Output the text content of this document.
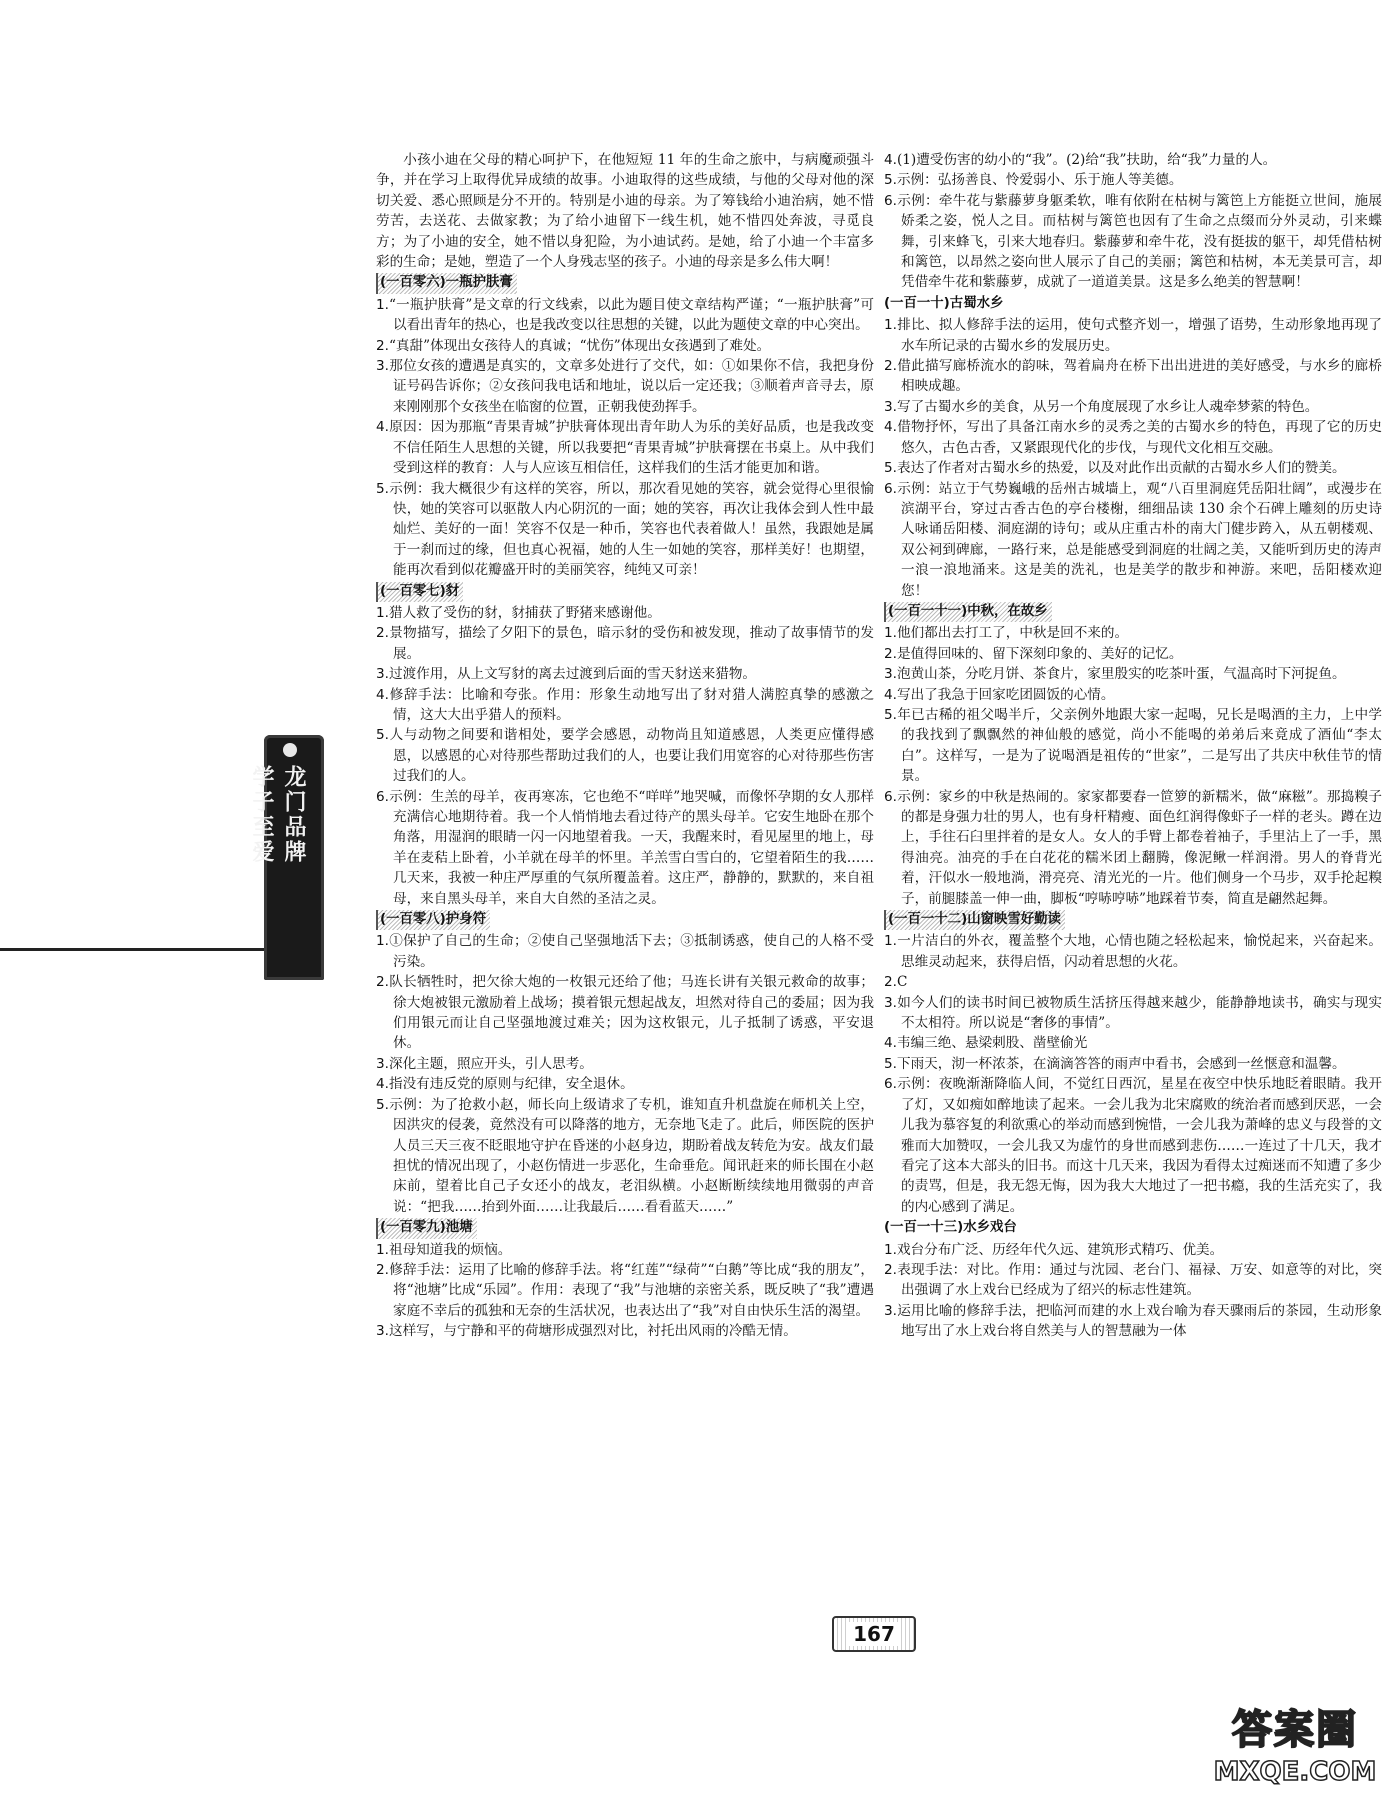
龙门品牌
学子至爱

小孩小迪在父母的精心呵护下，在他短短 11 年的生命之旅中，与病魔顽强斗争，并在学习上取得优异成绩的故事。小迪取得的这些成绩，与他的父母对他的深切关爱、悉心照顾是分不开的。特别是小迪的母亲。为了筹钱给小迪治病，她不惜劳苦，去送花、去做家教；为了给小迪留下一线生机，她不惜四处奔波，寻觅良方；为了小迪的安全，她不惜以身犯险，为小迪试药。是她，给了小迪一个丰富多彩的生命；是她，塑造了一个人身残志坚的孩子。小迪的母亲是多么伟大啊！

(一百零六)一瓶护肤膏

1.“一瓶护肤膏”是文章的行文线索，以此为题目使文章结构严谨；“一瓶护肤膏”可以看出青年的热心，也是我改变以往思想的关键，以此为题使文章的中心突出。

2.“真甜”体现出女孩待人的真诚；“忧伤”体现出女孩遇到了难处。

3.那位女孩的遭遇是真实的，文章多处进行了交代，如：①如果你不信，我把身份证号码告诉你；②女孩问我电话和地址，说以后一定还我；③顺着声音寻去，原来刚刚那个女孩坐在临窗的位置，正朝我使劲挥手。

4.原因：因为那瓶“青果青城”护肤膏体现出青年助人为乐的美好品质，也是我改变不信任陌生人思想的关键，所以我要把“青果青城”护肤膏摆在书桌上。从中我们受到这样的教育：人与人应该互相信任，这样我们的生活才能更加和谐。

5.示例：我大概很少有这样的笑容，所以，那次看见她的笑容，就会觉得心里很愉快，她的笑容可以驱散人内心阴沉的一面；她的笑容，再次让我体会到人性中最灿烂、美好的一面！笑容不仅是一种币，笑容也代表着做人！虽然，我跟她是属于一刹而过的缘，但也真心祝福，她的人生一如她的笑容，那样美好！也期望，能再次看到似花瓣盛开时的美丽笑容，纯纯又可亲！

(一百零七)豺

1.猎人救了受伤的豺，豺捕获了野猪来感谢他。

2.景物描写，描绘了夕阳下的景色，暗示豺的受伤和被发现，推动了故事情节的发展。

3.过渡作用，从上文写豺的离去过渡到后面的雪天豺送来猎物。

4.修辞手法：比喻和夸张。作用：形象生动地写出了豺对猎人满腔真挚的感激之情，这大大出乎猎人的预料。

5.人与动物之间要和谐相处，要学会感恩，动物尚且知道感恩，人类更应懂得感恩，以感恩的心对待那些帮助过我们的人，也要让我们用宽容的心对待那些伤害过我们的人。

6.示例：生羔的母羊，夜再寒冻，它也绝不“咩咩”地哭喊，而像怀孕期的女人那样充满信心地期待着。我一个人悄悄地去看过待产的黑头母羊。它安生地卧在那个角落，用湿润的眼睛一闪一闪地望着我。一天，我醒来时，看见屋里的地上，母羊在麦秸上卧着，小羊就在母羊的怀里。羊羔雪白雪白的，它望着陌生的我……几天来，我被一种庄严厚重的气氛所覆盖着。这庄严，静静的，默默的，来自祖母，来自黑头母羊，来自大自然的圣洁之灵。

(一百零八)护身符

1.①保护了自己的生命；②使自己坚强地活下去；③抵制诱惑，使自己的人格不受污染。

2.队长牺牲时，把欠徐大炮的一枚银元还给了他；马连长讲有关银元救命的故事；徐大炮被银元激励着上战场；摸着银元想起战友，坦然对待自己的委屈；因为我们用银元而让自己坚强地渡过难关；因为这枚银元，儿子抵制了诱惑，平安退休。

3.深化主题，照应开头，引人思考。

4.指没有违反党的原则与纪律，安全退休。

5.示例：为了抢救小赵，师长向上级请求了专机，谁知直升机盘旋在师机关上空，因洪灾的侵袭，竟然没有可以降落的地方，无奈地飞走了。此后，师医院的医护人员三天三夜不眨眼地守护在昏迷的小赵身边，期盼着战友转危为安。战友们最担忧的情况出现了，小赵伤情进一步恶化，生命垂危。闻讯赶来的师长围在小赵床前，望着比自己子女还小的战友，老泪纵横。小赵断断续续地用微弱的声音说：“把我……抬到外面……让我最后……看看蓝天……”

(一百零九)池塘

1.祖母知道我的烦恼。

2.修辞手法：运用了比喻的修辞手法。将“红莲”“绿荷”“白鹅”等比成“我的朋友”，将“池塘”比成“乐园”。作用：表现了“我”与池塘的亲密关系，既反映了“我”遭遇家庭不幸后的孤独和无奈的生活状况，也表达出了“我”对自由快乐生活的渴望。

3.这样写，与宁静和平的荷塘形成强烈对比，衬托出风雨的冷酷无情。

4.(1)遭受伤害的幼小的“我”。(2)给“我”扶助，给“我”力量的人。

5.示例：弘扬善良、怜爱弱小、乐于施人等美德。

6.示例：牵牛花与紫藤萝身躯柔软，唯有依附在枯树与篱笆上方能挺立世间，施展娇柔之姿，悦人之目。而枯树与篱笆也因有了生命之点缀而分外灵动，引来蝶舞，引来蜂飞，引来大地春归。紫藤萝和牵牛花，没有挺拔的躯干，却凭借枯树和篱笆，以昂然之姿向世人展示了自己的美丽；篱笆和枯树，本无美景可言，却凭借牵牛花和紫藤萝，成就了一道道美景。这是多么绝美的智慧啊！

(一百一十)古蜀水乡

1.排比、拟人修辞手法的运用，使句式整齐划一，增强了语势，生动形象地再现了水车所记录的古蜀水乡的发展历史。

2.借此描写廊桥流水的韵味，驾着扁舟在桥下出出进进的美好感受，与水乡的廊桥相映成趣。

3.写了古蜀水乡的美食，从另一个角度展现了水乡让人魂牵梦萦的特色。

4.借物抒怀，写出了具备江南水乡的灵秀之美的古蜀水乡的特色，再现了它的历史悠久，古色古香，又紧跟现代化的步伐，与现代文化相互交融。

5.表达了作者对古蜀水乡的热爱，以及对此作出贡献的古蜀水乡人们的赞美。

6.示例：站立于气势巍峨的岳州古城墙上，观“八百里洞庭凭岳阳壮阔”，或漫步在滨湖平台，穿过古香古色的亭台楼榭，细细品读 130 余个石碑上雕刻的历史诗人咏诵岳阳楼、洞庭湖的诗句；或从庄重古朴的南大门健步跨入，从五朝楼观、双公祠到碑廊，一路行来，总是能感受到洞庭的壮阔之美，又能听到历史的涛声一浪一浪地涌来。这是美的洗礼，也是美学的散步和神游。来吧，岳阳楼欢迎您！

(一百一十一)中秋，在故乡

1.他们都出去打工了，中秋是回不来的。

2.是值得回味的、留下深刻印象的、美好的记忆。

3.泡黄山茶，分吃月饼、茶食片，家里殷实的吃茶叶蛋，气温高时下河捉鱼。

4.写出了我急于回家吃团圆饭的心情。

5.年已古稀的祖父喝半斤，父亲例外地跟大家一起喝，兄长是喝酒的主力，上中学的我找到了飘飘然的神仙般的感觉，尚小不能喝的弟弟后来竟成了酒仙“李太白”。这样写，一是为了说喝酒是祖传的“世家”，二是写出了共庆中秋佳节的情景。

6.示例：家乡的中秋是热闹的。家家都要舂一笸箩的新糯米，做“麻糍”。那捣糗子的都是身强力壮的男人，也有身杆精瘦、面色红润得像虾子一样的老头。蹲在边上，手往石臼里拌着的是女人。女人的手臂上都卷着袖子，手里沾上了一手，黑得油亮。油亮的手在白花花的糯米团上翻腾，像泥鳅一样润滑。男人的脊背光着，汗似水一般地淌，滑亮亮、清光光的一片。他们侧身一个马步，双手抡起糗子，前腿膝盖一伸一曲，脚板“哼哧哼哧”地踩着节奏，简直是翩然起舞。

(一百一十二)山窗映雪好勤读

1.一片洁白的外衣，覆盖整个大地，心情也随之轻松起来，愉悦起来，兴奋起来。思维灵动起来，获得启悟，闪动着思想的火花。

2.C

3.如今人们的读书时间已被物质生活挤压得越来越少，能静静地读书，确实与现实不太相符。所以说是“奢侈的事情”。

4.韦编三绝、悬梁刺股、凿壁偷光

5.下雨天，沏一杯浓茶，在滴滴答答的雨声中看书，会感到一丝惬意和温馨。

6.示例：夜晚渐渐降临人间，不觉红日西沉，星星在夜空中快乐地眨着眼睛。我开了灯，又如痴如醉地读了起来。一会儿我为北宋腐败的统治者而感到厌恶，一会儿我为慕容复的利欲熏心的举动而感到惋惜，一会儿我为萧峰的忠义与段誉的文雅而大加赞叹，一会儿我又为虚竹的身世而感到悲伤……一连过了十几天，我才看完了这本大部头的旧书。而这十几天来，我因为看得太过痴迷而不知遭了多少的责骂，但是，我无怨无悔，因为我大大地过了一把书瘾，我的生活充实了，我的内心感到了满足。

(一百一十三)水乡戏台

1.戏台分布广泛、历经年代久远、建筑形式精巧、优美。

2.表现手法：对比。作用：通过与沈园、老台门、福禄、万安、如意等的对比，突出强调了水上戏台已经成为了绍兴的标志性建筑。

3.运用比喻的修辞手法，把临河而建的水上戏台喻为春天骤雨后的茶园，生动形象地写出了水上戏台将自然美与人的智慧融为一体

167
答案圈
MXQE.COM
